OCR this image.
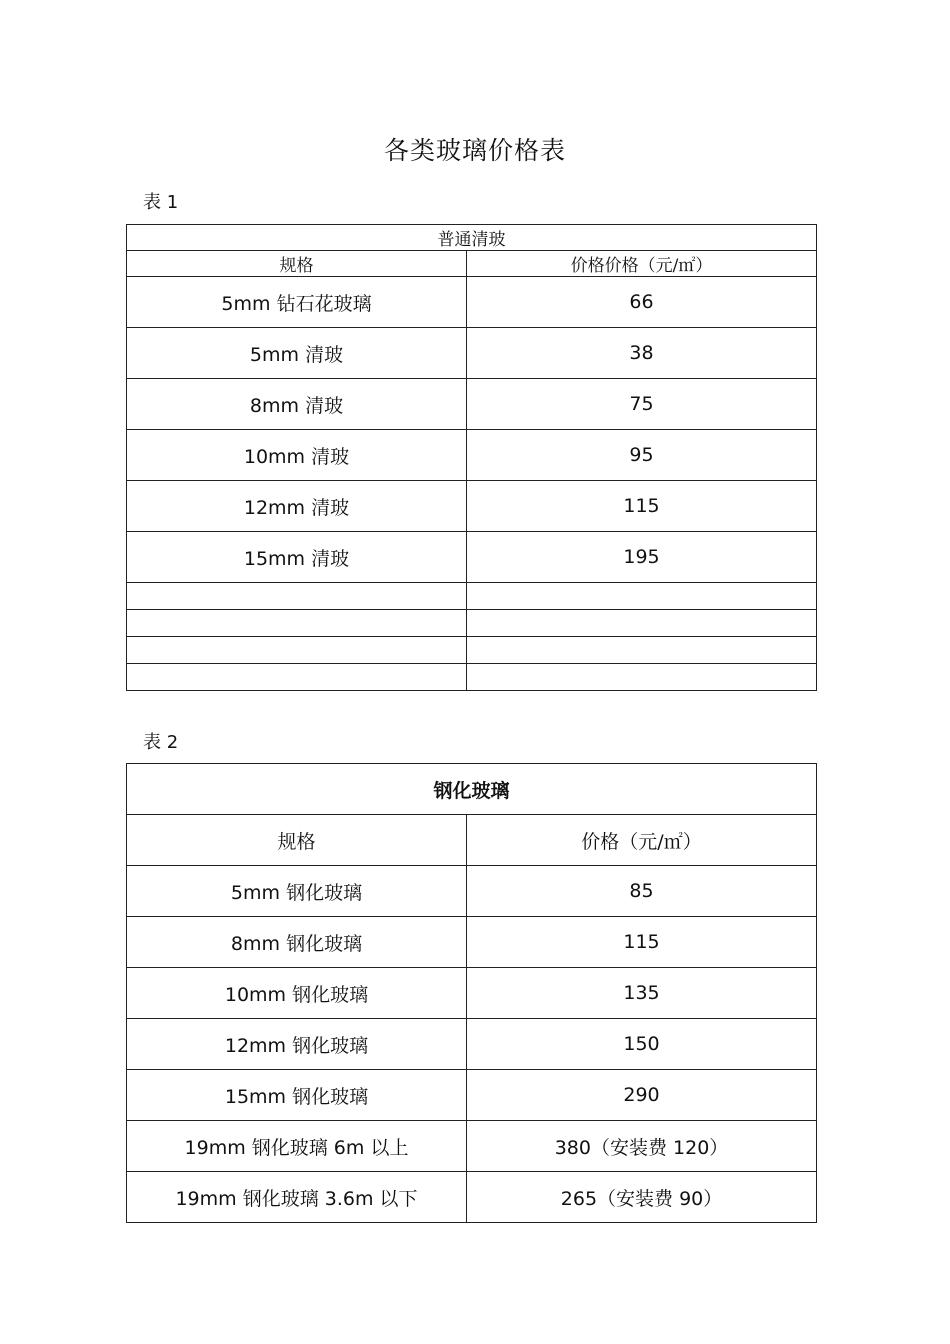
各类玻璃价格表
表 1
普通清玻	
规格	价格价格（元/㎡）
5mm 钻石花玻璃	66
5mm 清玻	38
8mm 清玻	75
10mm 清玻	95
12mm 清玻	115
15mm 清玻	195

表 2
钢化玻璃	
规格	价格（元/㎡）
5mm 钢化玻璃	85
8mm 钢化玻璃	115
10mm 钢化玻璃	135
12mm 钢化玻璃	150
15mm 钢化玻璃	290
19mm 钢化玻璃 6m 以上	380（安装费 120）
19mm 钢化玻璃 3.6m 以下	265（安装费 90）
